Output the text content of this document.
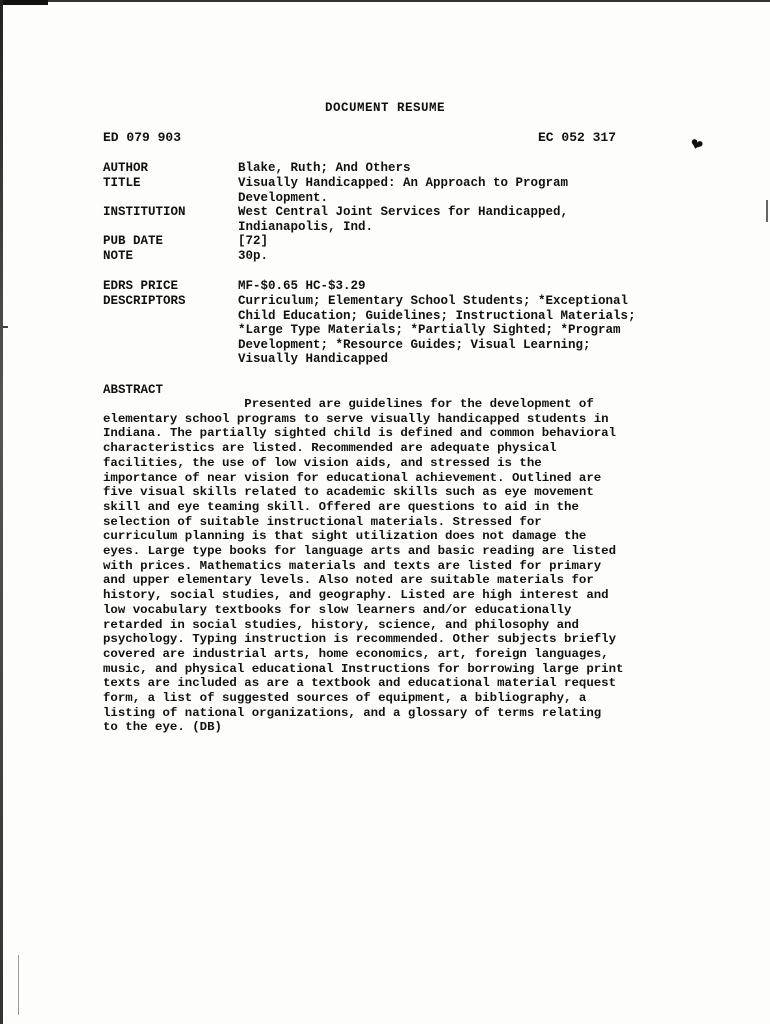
❤
DOCUMENT RESUME
ED 079 903	EC 052 317
AUTHOR	Blake, Ruth; And Others
TITLE	Visually Handicapped: An Approach to Program
Development.
INSTITUTION	West Central Joint Services for Handicapped,
Indianapolis, Ind.
PUB DATE	[72]
NOTE	30p.
EDRS PRICE	MF-$0.65 HC-$3.29
DESCRIPTORS	Curriculum; Elementary School Students; *Exceptional
Child Education; Guidelines; Instructional Materials;
*Large Type Materials; *Partially Sighted; *Program
Development; *Resource Guides; Visual Learning;
Visually Handicapped
ABSTRACT
Presented are guidelines for the development of
elementary school programs to serve visually handicapped students in
Indiana. The partially sighted child is defined and common behavioral
characteristics are listed. Recommended are adequate physical
facilities, the use of low vision aids, and stressed is the
importance of near vision for educational achievement. Outlined are
five visual skills related to academic skills such as eye movement
skill and eye teaming skill. Offered are questions to aid in the
selection of suitable instructional materials. Stressed for
curriculum planning is that sight utilization does not damage the
eyes. Large type books for language arts and basic reading are listed
with prices. Mathematics materials and texts are listed for primary
and upper elementary levels. Also noted are suitable materials for
history, social studies, and geography. Listed are high interest and
low vocabulary textbooks for slow learners and/or educationally
retarded in social studies, history, science, and philosophy and
psychology. Typing instruction is recommended. Other subjects briefly
covered are industrial arts, home economics, art, foreign languages,
music, and physical educational Instructions for borrowing large print
texts are included as are a textbook and educational material request
form, a list of suggested sources of equipment, a bibliography, a
listing of national organizations, and a glossary of terms relating
to the eye. (DB)
